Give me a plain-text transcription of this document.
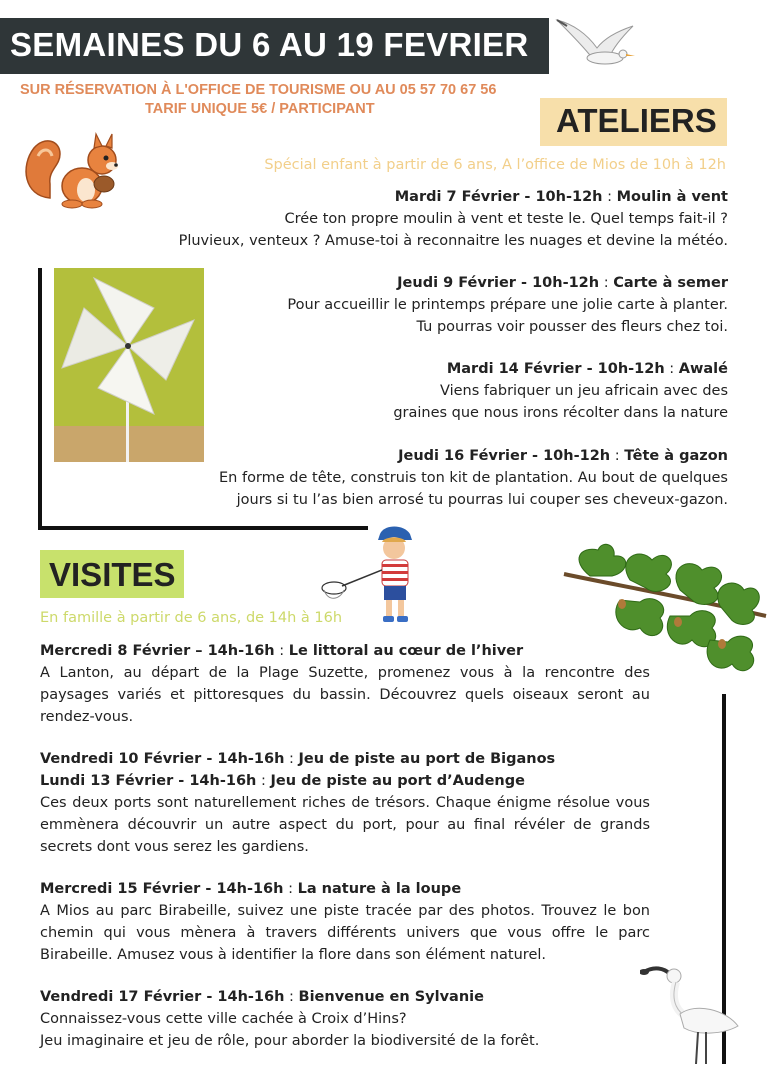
SEMAINES DU 6 AU 19 FEVRIER
SUR RÉSERVATION À L'OFFICE DE TOURISME OU AU 05 57 70 67 56
TARIF UNIQUE 5€ / PARTICIPANT	ATELIERS
Spécial enfant à partir de 6 ans, A l’office de Mios de 10h à 12h
Mardi 7 Février - 10h-12h : Moulin à vent
Crée ton propre moulin à vent et teste le. Quel temps fait-il ?
Pluvieux, venteux ? Amuse-toi à reconnaitre les nuages et devine la météo.
Jeudi 9 Février - 10h-12h : Carte à semer
Pour accueillir le printemps prépare une jolie carte à planter.
Tu pourras voir pousser des fleurs chez toi.
Mardi 14 Février - 10h-12h : Awalé
Viens fabriquer un jeu africain avec des
graines que nous irons récolter dans la nature
Jeudi 16 Février - 10h-12h : Tête à gazon
En forme de tête, construis ton kit de plantation. Au bout de quelques
jours si tu l’as bien arrosé tu pourras lui couper ses cheveux-gazon.
VISITES
En famille à partir de 6 ans, de 14h à 16h
Mercredi 8 Février – 14h-16h : Le littoral au cœur de l’hiver
A Lanton, au départ de la Plage Suzette, promenez vous à la rencontre des paysages variés et pittoresques du bassin. Découvrez quels oiseaux seront au rendez-vous.
Vendredi 10 Février - 14h-16h : Jeu de piste au port de Biganos
Lundi 13 Février - 14h-16h : Jeu de piste au port d’Audenge
Ces deux ports sont naturellement riches de trésors. Chaque énigme résolue vous emmènera découvrir un autre aspect du port, pour au final révéler de grands secrets dont vous serez les gardiens.
Mercredi 15 Février - 14h-16h : La nature à la loupe
A Mios au parc Birabeille, suivez une piste tracée par des photos. Trouvez le bon chemin qui vous mènera à travers différents univers que vous offre le parc Birabeille. Amusez vous à identifier la flore dans son élément naturel.
Vendredi 17 Février - 14h-16h : Bienvenue en Sylvanie
Connaissez-vous cette ville cachée à Croix d’Hins?
Jeu imaginaire et jeu de rôle, pour aborder la biodiversité de la forêt.
